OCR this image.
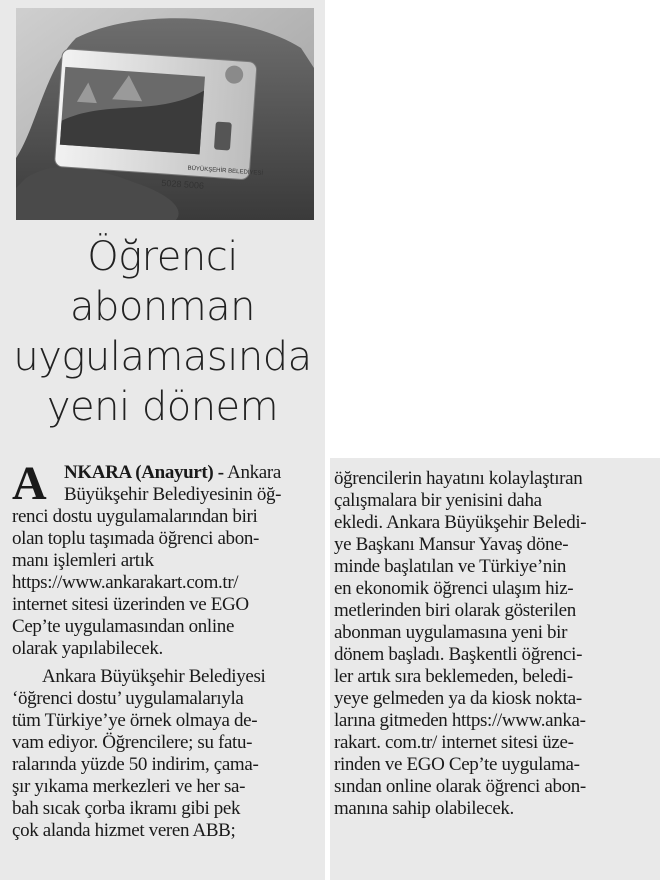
BÜYÜKŞEHİR BELEDİYESİ
5028 5006
Öğrenci
abonman
uygulamasında
yeni dönem
A NKARA (Anayurt) - Ankara
Büyükşehir Belediyesinin öğ-
renci dostu uygulamalarından biri
olan toplu taşımada öğrenci abon-
manı işlemleri artık
https://www.ankarakart.com.tr/
internet sitesi üzerinden ve EGO
Cep’te uygulamasından online
olarak yapılabilecek.
Ankara Büyükşehir Belediyesi
‘öğrenci dostu’ uygulamalarıyla
tüm Türkiye’ye örnek olmaya de-
vam ediyor. Öğrencilere; su fatu-
ralarında yüzde 50 indirim, çama-
şır yıkama merkezleri ve her sa-
bah sıcak çorba ikramı gibi pek
çok alanda hizmet veren ABB;
öğrencilerin hayatını kolaylaştıran
çalışmalara bir yenisini daha
ekledi. Ankara Büyükşehir Beledi-
ye Başkanı Mansur Yavaş döne-
minde başlatılan ve Türkiye’nin
en ekonomik öğrenci ulaşım hiz-
metlerinden biri olarak gösterilen
abonman uygulamasına yeni bir
dönem başladı. Başkentli öğrenci-
ler artık sıra beklemeden, beledi-
yeye gelmeden ya da kiosk nokta-
larına gitmeden https://www.anka-
rakart. com.tr/ internet sitesi üze-
rinden ve EGO Cep’te uygulama-
sından online olarak öğrenci abon-
manına sahip olabilecek.
